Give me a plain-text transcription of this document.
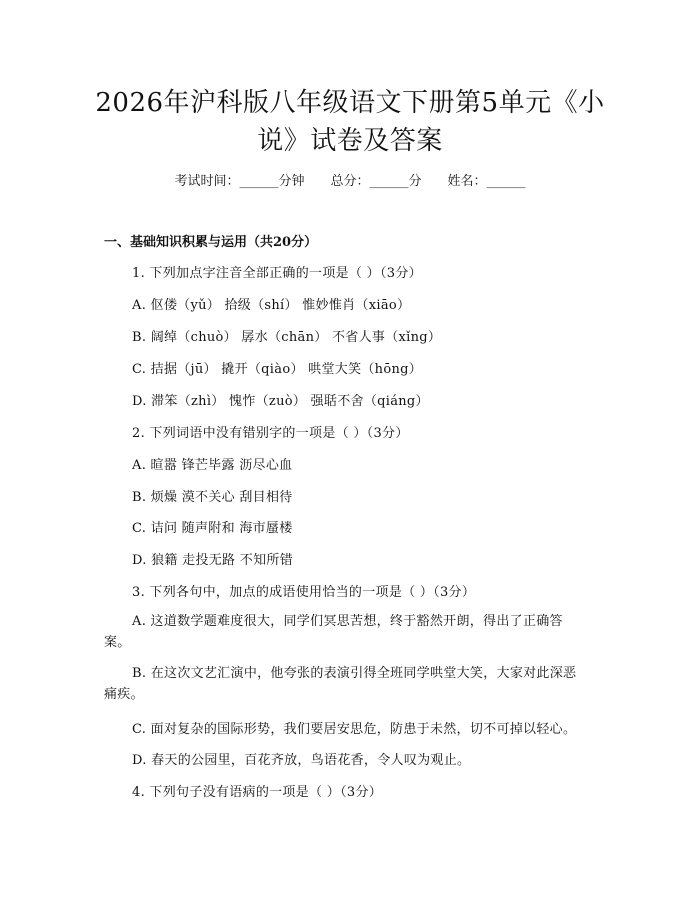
2026年沪科版八年级语文下册第5单元《小说》试卷及答案
考试时间：______分钟 总分：______分 姓名：______
一、基础知识积累与运用（共20分）
1. 下列加点字注音全部正确的一项是（ ）（3分）
A. 伛偻（yǔ） 拾级（shí） 惟妙惟肖（xiāo）
B. 阔绰（chuò） 孱水（chān） 不省人事（xǐng）
C. 拮据（jū） 撬开（qiào） 哄堂大笑（hōng）
D. 滞笨（zhì） 愧怍（zuò） 强聒不舍（qiáng）
2. 下列词语中没有错别字的一项是（ ）（3分）
A. 暄嚣 锋芒毕露 沥尽心血
B. 烦燥 漠不关心 刮目相待
C. 诘问 随声附和 海市蜃楼
D. 狼籍 走投无路 不知所错
3. 下列各句中，加点的成语使用恰当的一项是（ ）（3分）
A. 这道数学题难度很大，同学们冥思苦想，终于豁然开朗，得出了正确答案。
B. 在这次文艺汇演中，他夸张的表演引得全班同学哄堂大笑，大家对此深恶痛疾。
C. 面对复杂的国际形势，我们要居安思危，防患于未然，切不可掉以轻心。
D. 春天的公园里，百花齐放，鸟语花香，令人叹为观止。
4. 下列句子没有语病的一项是（ ）（3分）
